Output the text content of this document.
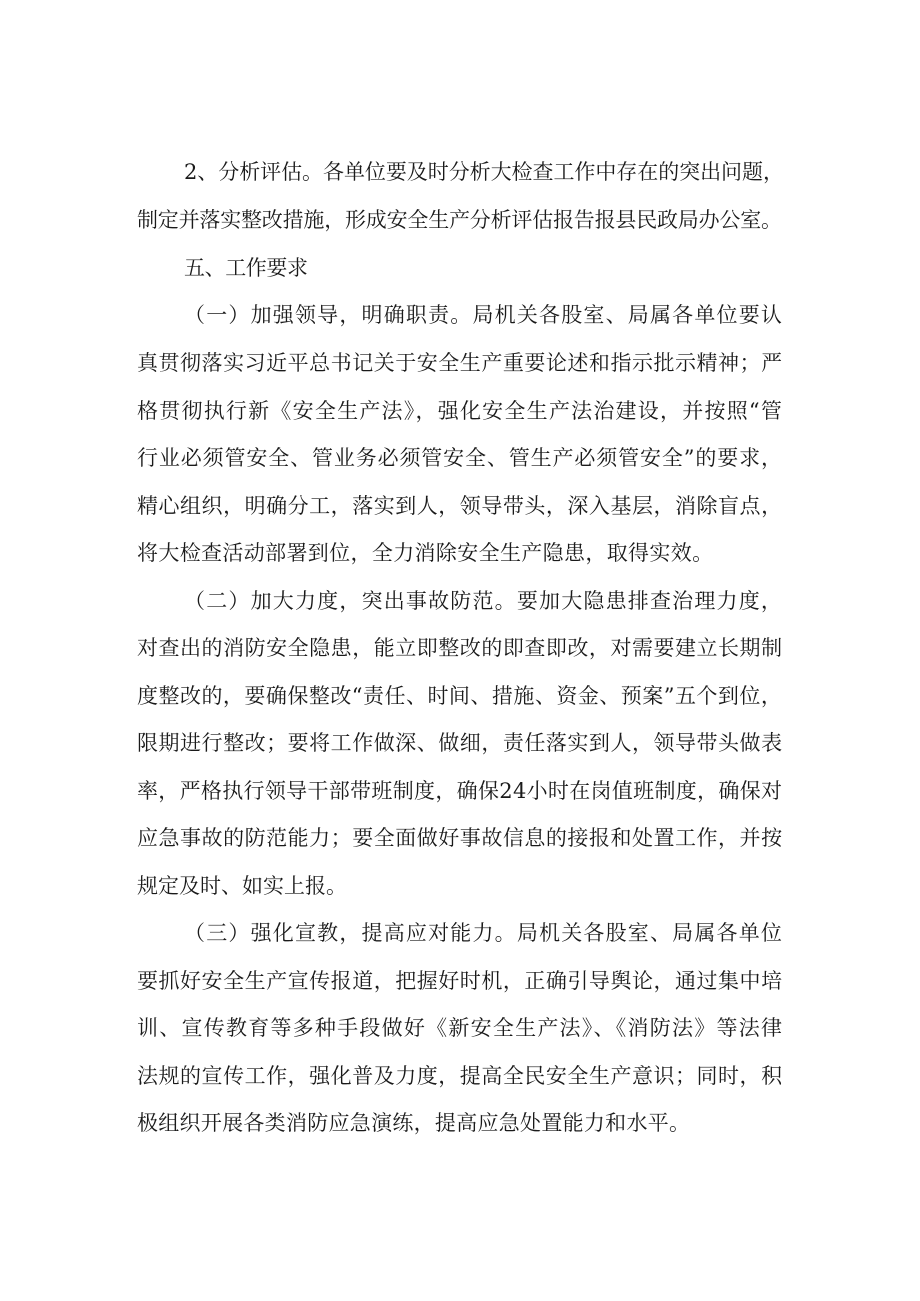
2、分析评估。各单位要及时分析大检查工作中存在的突出问题，
制定并落实整改措施，形成安全生产分析评估报告报县民政局办公室。
五、工作要求
（一）加强领导，明确职责。局机关各股室、局属各单位要认
真贯彻落实习近平总书记关于安全生产重要论述和指示批示精神；严
格贯彻执行新《安全生产法》，强化安全生产法治建设，并按照“管
行业必须管安全、管业务必须管安全、管生产必须管安全”的要求，
精心组织，明确分工，落实到人，领导带头，深入基层，消除盲点，
将大检查活动部署到位，全力消除安全生产隐患，取得实效。
（二）加大力度，突出事故防范。要加大隐患排查治理力度，
对查出的消防安全隐患，能立即整改的即查即改，对需要建立长期制
度整改的，要确保整改“责任、时间、措施、资金、预案”五个到位，
限期进行整改；要将工作做深、做细，责任落实到人，领导带头做表
率，严格执行领导干部带班制度，确保24小时在岗值班制度，确保对
应急事故的防范能力；要全面做好事故信息的接报和处置工作，并按
规定及时、如实上报。
（三）强化宣教，提高应对能力。局机关各股室、局属各单位
要抓好安全生产宣传报道，把握好时机，正确引导舆论，通过集中培
训、宣传教育等多种手段做好《新安全生产法》、《消防法》等法律
法规的宣传工作，强化普及力度，提高全民安全生产意识；同时，积
极组织开展各类消防应急演练，提高应急处置能力和水平。
